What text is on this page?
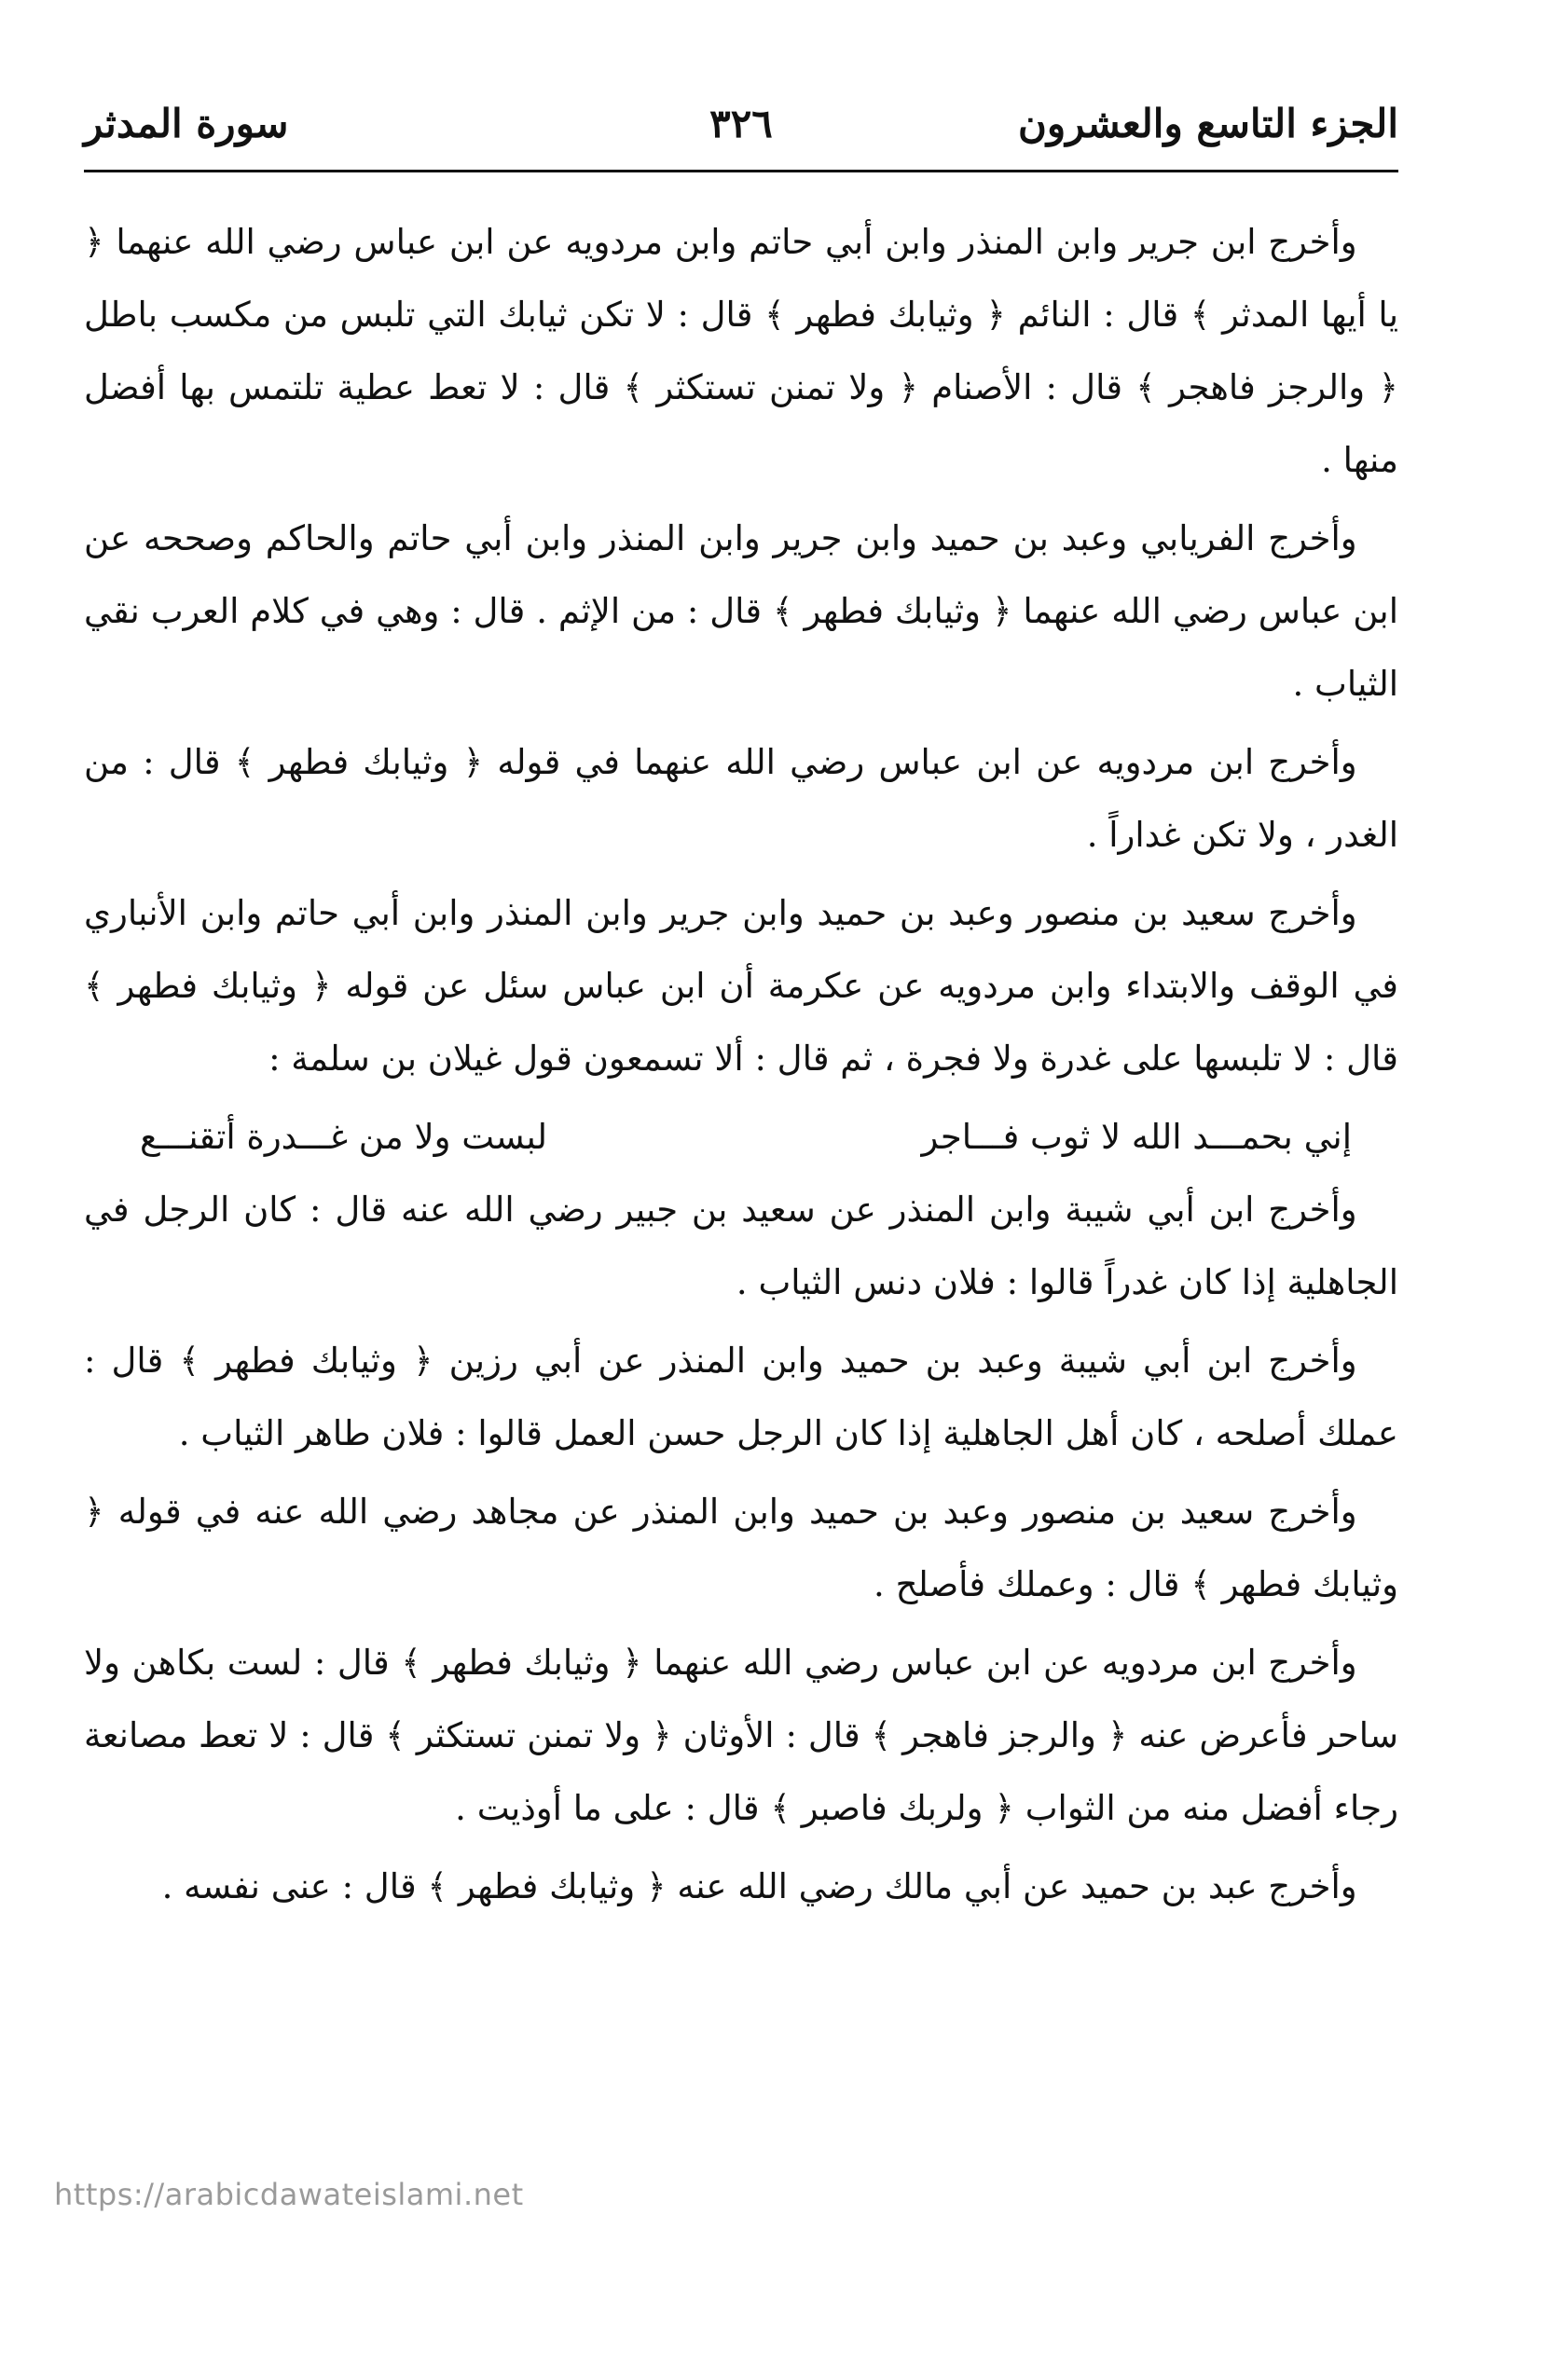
الجزء التاسع والعشرون
٣٢٦
سورة المدثر

وأخرج ابن جرير وابن المنذر وابن أبي حاتم وابن مردويه عن ابن عباس رضي الله عنهما ﴿ يا أيها المدثر ﴾ قال : النائم ﴿ وثيابك فطهر ﴾ قال : لا تكن ثيابك التي تلبس من مكسب باطل ﴿ والرجز فاهجر ﴾ قال : الأصنام ﴿ ولا تمنن تستكثر ﴾ قال : لا تعط عطية تلتمس بها أفضل منها .

وأخرج الفريابي وعبد بن حميد وابن جرير وابن المنذر وابن أبي حاتم والحاكم وصححه عن ابن عباس رضي الله عنهما ﴿ وثيابك فطهر ﴾ قال : من الإثم . قال : وهي في كلام العرب نقي الثياب .

وأخرج ابن مردويه عن ابن عباس رضي الله عنهما في قوله ﴿ وثيابك فطهر ﴾ قال : من الغدر ، ولا تكن غداراً .

وأخرج سعيد بن منصور وعبد بن حميد وابن جرير وابن المنذر وابن أبي حاتم وابن الأنباري في الوقف والابتداء وابن مردويه عن عكرمة أن ابن عباس سئل عن قوله ﴿ وثيابك فطهر ﴾ قال : لا تلبسها على غدرة ولا فجرة ، ثم قال : ألا تسمعون قول غيلان بن سلمة :

إني بحمـــد الله لا ثوب فـــاجر
لبست ولا من غـــدرة أتقنـــع

وأخرج ابن أبي شيبة وابن المنذر عن سعيد بن جبير رضي الله عنه قال : كان الرجل في الجاهلية إذا كان غدراً قالوا : فلان دنس الثياب .

وأخرج ابن أبي شيبة وعبد بن حميد وابن المنذر عن أبي رزين ﴿ وثيابك فطهر ﴾ قال : عملك أصلحه ، كان أهل الجاهلية إذا كان الرجل حسن العمل قالوا : فلان طاهر الثياب .

وأخرج سعيد بن منصور وعبد بن حميد وابن المنذر عن مجاهد رضي الله عنه في قوله ﴿ وثيابك فطهر ﴾ قال : وعملك فأصلح .

وأخرج ابن مردويه عن ابن عباس رضي الله عنهما ﴿ وثيابك فطهر ﴾ قال : لست بكاهن ولا ساحر فأعرض عنه ﴿ والرجز فاهجر ﴾ قال : الأوثان ﴿ ولا تمنن تستكثر ﴾ قال : لا تعط مصانعة رجاء أفضل منه من الثواب ﴿ ولربك فاصبر ﴾ قال : على ما أوذيت .

وأخرج عبد بن حميد عن أبي مالك رضي الله عنه ﴿ وثيابك فطهر ﴾ قال : عنى نفسه .

https://arabicdawateislami.net
